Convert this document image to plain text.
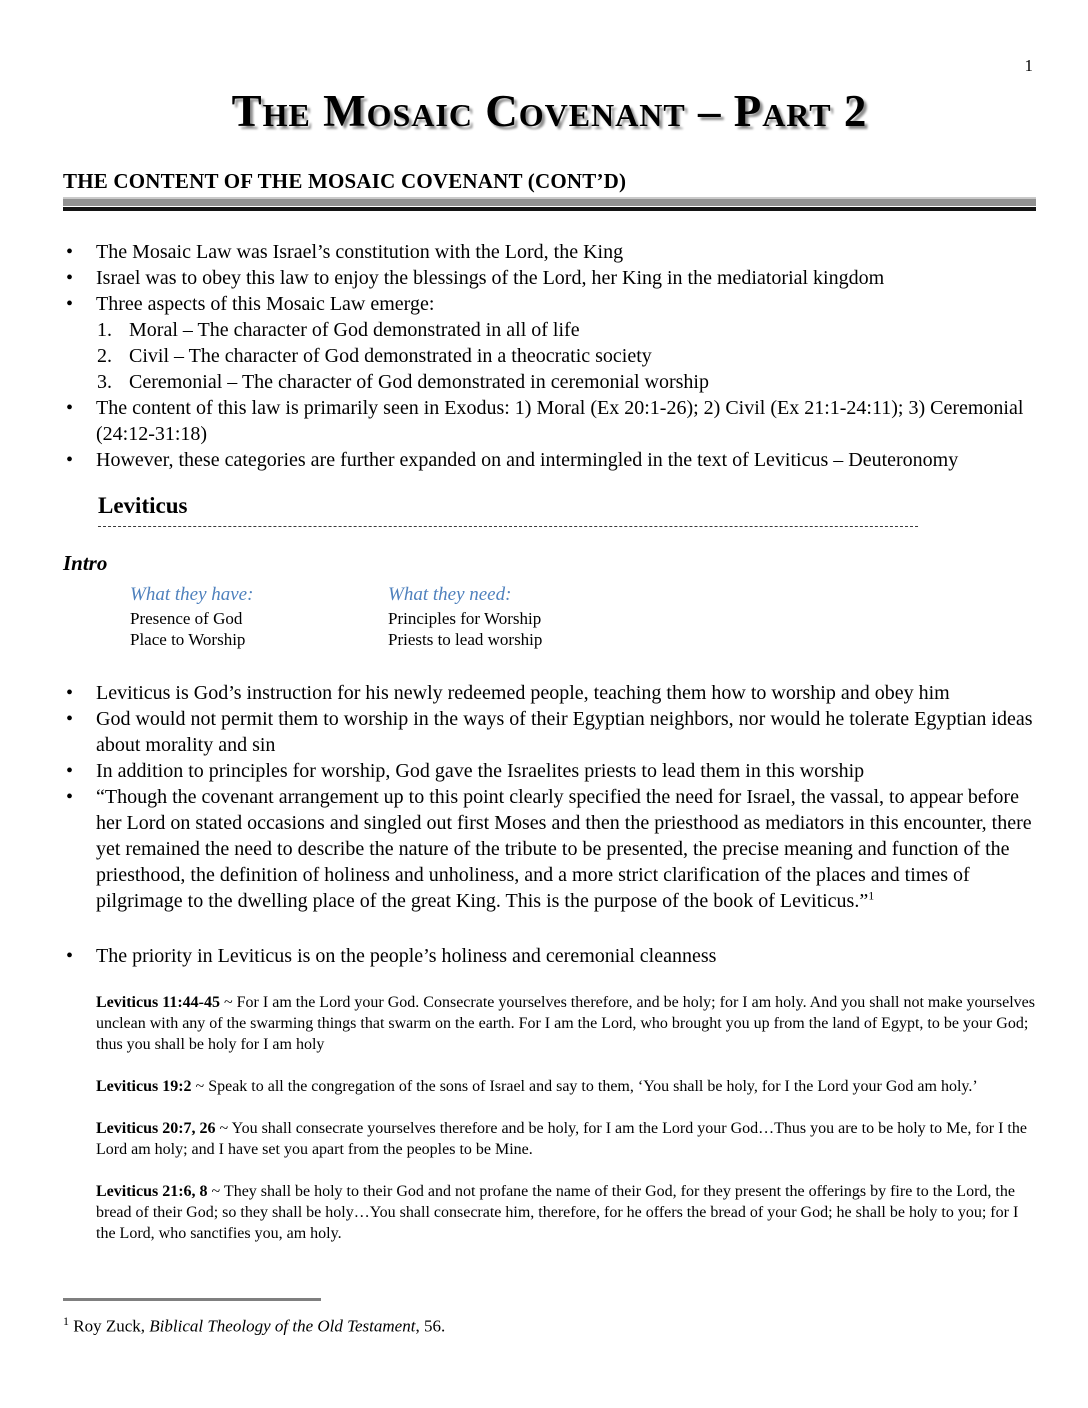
1
The Mosaic Covenant – Part 2
THE CONTENT OF THE MOSAIC COVENANT (CONT’D)
• The Mosaic Law was Israel’s constitution with the Lord, the King
• Israel was to obey this law to enjoy the blessings of the Lord, her King in the mediatorial kingdom
• Three aspects of this Mosaic Law emerge:
1. Moral – The character of God demonstrated in all of life
2. Civil – The character of God demonstrated in a theocratic society
3. Ceremonial – The character of God demonstrated in ceremonial worship
• The content of this law is primarily seen in Exodus: 1) Moral (Ex 20:1-26); 2) Civil (Ex 21:1-24:11); 3) Ceremonial (24:12-31:18)
• However, these categories are further expanded on and intermingled in the text of Leviticus – Deuteronomy
Leviticus
Intro
What they have:
Presence of God
Place to Worship
What they need:
Principles for Worship
Priests to lead worship
• Leviticus is God’s instruction for his newly redeemed people, teaching them how to worship and obey him
• God would not permit them to worship in the ways of their Egyptian neighbors, nor would he tolerate Egyptian ideas about morality and sin
• In addition to principles for worship, God gave the Israelites priests to lead them in this worship
• “Though the covenant arrangement up to this point clearly specified the need for Israel, the vassal, to appear before her Lord on stated occasions and singled out first Moses and then the priesthood as mediators in this encounter, there yet remained the need to describe the nature of the tribute to be presented, the precise meaning and function of the priesthood, the definition of holiness and unholiness, and a more strict clarification of the places and times of pilgrimage to the dwelling place of the great King. This is the purpose of the book of Leviticus.”$^1$
• The priority in Leviticus is on the people’s holiness and ceremonial cleanness

Leviticus 11:44-45 ~ For I am the Lord your God. Consecrate yourselves therefore, and be holy; for I am holy. And you shall not make yourselves unclean with any of the swarming things that swarm on the earth. For I am the Lord, who brought you up from the land of Egypt, to be your God; thus you shall be holy for I am holy

Leviticus 19:2 ~ Speak to all the congregation of the sons of Israel and say to them, ‘You shall be holy, for I the Lord your God am holy.’

Leviticus 20:7, 26 ~ You shall consecrate yourselves therefore and be holy, for I am the Lord your God…Thus you are to be holy to Me, for I the Lord am holy; and I have set you apart from the peoples to be Mine.

Leviticus 21:6, 8 ~ They shall be holy to their God and not profane the name of their God, for they present the offerings by fire to the Lord, the bread of their God; so they shall be holy…You shall consecrate him, therefore, for he offers the bread of your God; he shall be holy to you; for I the Lord, who sanctifies you, am holy.

$^1$ Roy Zuck, Biblical Theology of the Old Testament, 56.
